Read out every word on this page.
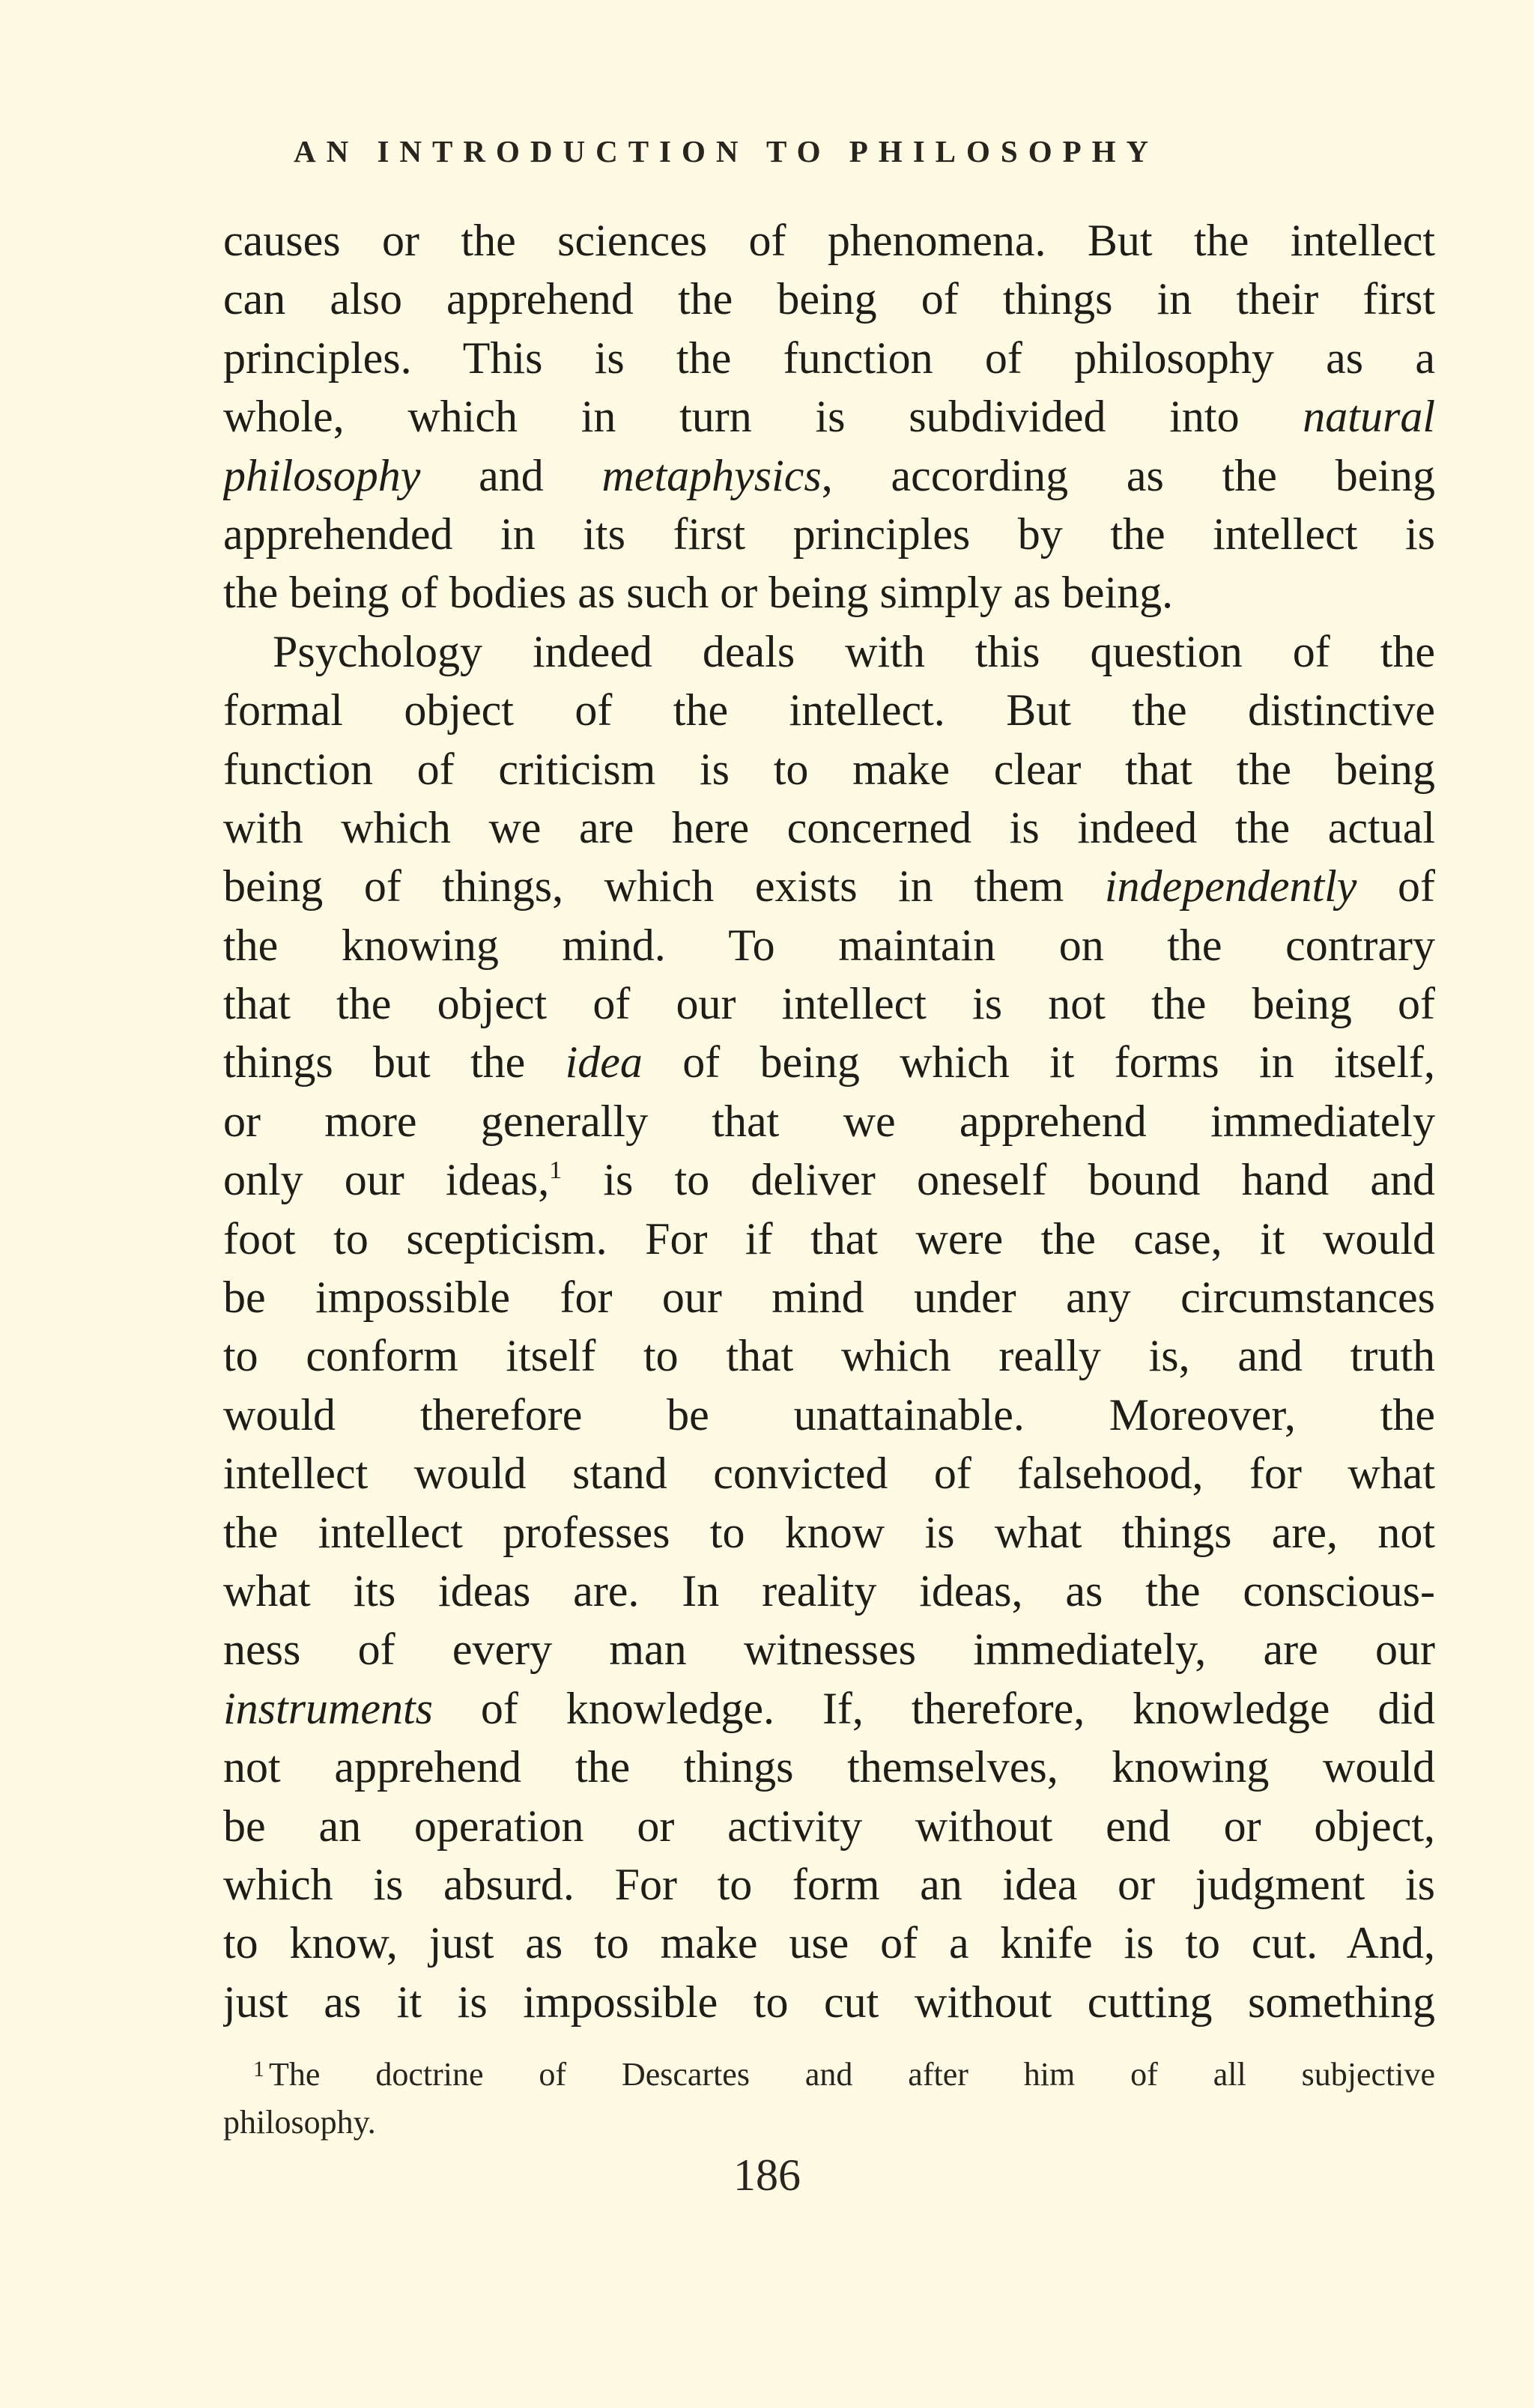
AN INTRODUCTION TO PHILOSOPHY
causes or the sciences of phenomena. But the intellect
can also apprehend the being of things in their first
principles. This is the function of philosophy as a
whole, which in turn is subdivided into natural
philosophy and metaphysics, according as the being
apprehended in its first principles by the intellect is
the being of bodies as such or being simply as being.
Psychology indeed deals with this question of the
formal object of the intellect. But the distinctive
function of criticism is to make clear that the being
with which we are here concerned is indeed the actual
being of things, which exists in them independently of
the knowing mind. To maintain on the contrary
that the object of our intellect is not the being of
things but the idea of being which it forms in itself,
or more generally that we apprehend immediately
only our ideas,$^1$ is to deliver oneself bound hand and
foot to scepticism. For if that were the case, it would
be impossible for our mind under any circumstances
to conform itself to that which really is, and truth
would therefore be unattainable. Moreover, the
intellect would stand convicted of falsehood, for what
the intellect professes to know is what things are, not
what its ideas are. In reality ideas, as the conscious-
ness of every man witnesses immediately, are our
instruments of knowledge. If, therefore, knowledge did
not apprehend the things themselves, knowing would
be an operation or activity without end or object,
which is absurd. For to form an idea or judgment is
to know, just as to make use of a knife is to cut. And,
just as it is impossible to cut without cutting something
$^1$ The doctrine of Descartes and after him of all subjective
philosophy.
186
